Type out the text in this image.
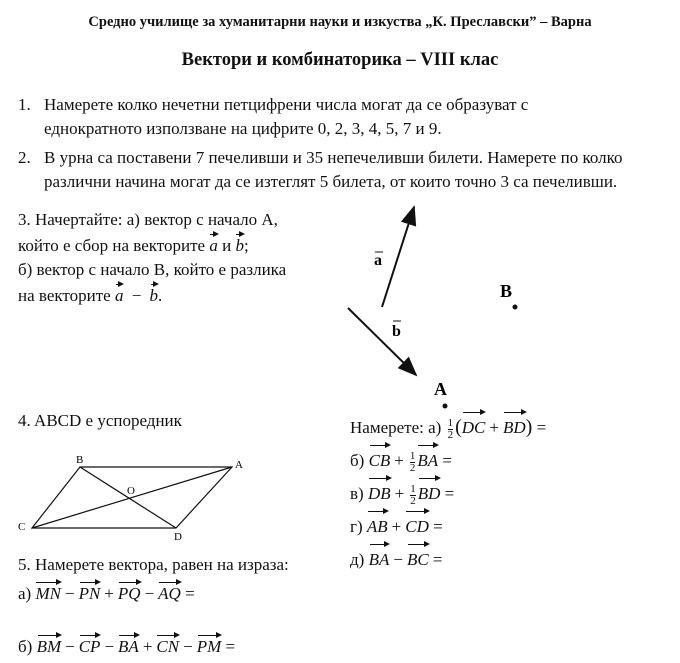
Средно училище за хуманитарни науки и изкуства „К. Преславски” – Варна
Вектори и комбинаторика – VIII клас
1. Намерете колко нечетни петцифрени числа могат да се образуват с
еднократното използване на цифрите 0, 2, 3, 4, 5, 7 и 9.
2. В урна са поставени 7 печеливши и 35 непечеливши билети. Намерете по колко
различни начина могат да се изтеглят 5 билета, от които точно 3 са печеливши.
3. Начертайте: а) вектор с начало A,
който е сбор на векторите a и b;
б) вектор с начало B, който е разлика
на векторите a − b.
a
b
B
A
4. ABCD е успоредник
B	A
C
D
O
Намерете: $а) \frac{1}{2} (DC + BD)$ =
б) CB + $\frac{1}{2}$ BA =
в) DB + $\frac{1}{2}$ BD =
г) AB + CD =
д) BA − BC =
5. Намерете вектора, равен на израза:
а) MN − PN + PQ − AQ =
б) BM − CP − BA + CN − PM =
